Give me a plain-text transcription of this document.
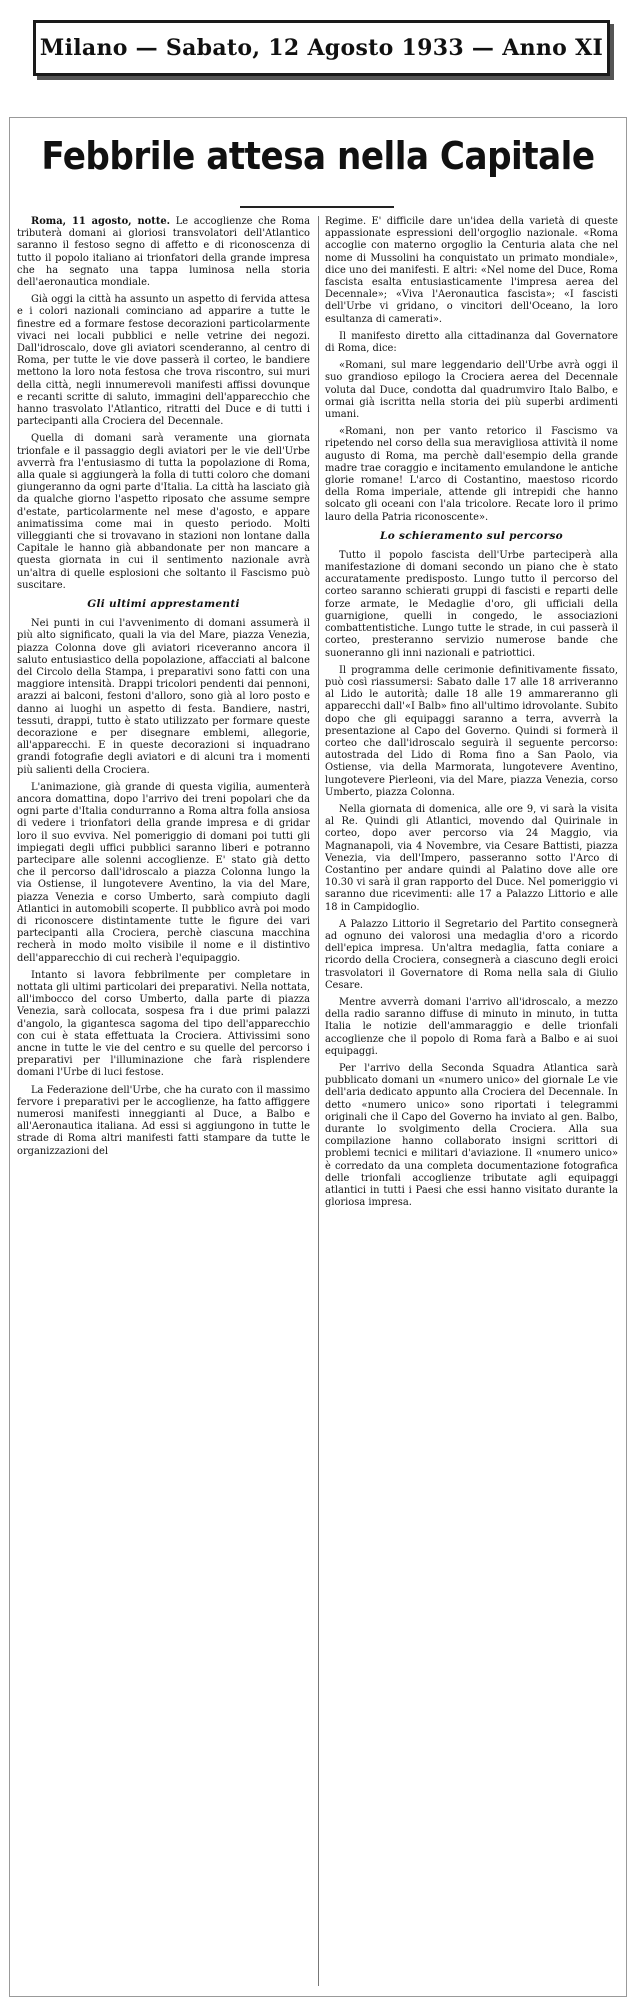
Milano — Sabato, 12 Agosto 1933 — Anno XI
Febbrile attesa nella Capitale

Roma, 11 agosto, notte. Le accoglienze che Roma tributerà domani ai gloriosi transvolatori dell'Atlantico saranno il festoso segno di affetto e di riconoscenza di tutto il popolo italiano ai trionfatori della grande impresa che ha segnato una tappa luminosa nella storia dell'aeronautica mondiale.

Già oggi la città ha assunto un aspetto di fervida attesa e i colori nazionali cominciano ad apparire a tutte le finestre ed a formare festose decorazioni particolarmente vivaci nei locali pubblici e nelle vetrine dei negozi. Dall'idroscalo, dove gli aviatori scenderanno, al centro di Roma, per tutte le vie dove passerà il corteo, le bandiere mettono la loro nota festosa che trova riscontro, sui muri della città, negli innumerevoli manifesti affissi dovunque e recanti scritte di saluto, immagini dell'apparecchio che hanno trasvolato l'Atlantico, ritratti del Duce e di tutti i partecipanti alla Crociera del Decennale.

Quella di domani sarà veramente una giornata trionfale e il passaggio degli aviatori per le vie dell'Urbe avverrà fra l'entusiasmo di tutta la popolazione di Roma, alla quale si aggiungerà la folla di tutti coloro che domani giungeranno da ogni parte d'Italia. La città ha lasciato già da qualche giorno l'aspetto riposato che assume sempre d'estate, particolarmente nel mese d'agosto, e appare animatissima come mai in questo periodo. Molti villeggianti che si trovavano in stazioni non lontane dalla Capitale le hanno già abbandonate per non mancare a questa giornata in cui il sentimento nazionale avrà un'altra di quelle esplosioni che soltanto il Fascismo può suscitare.

Gli ultimi apprestamenti

Nei punti in cui l'avvenimento di domani assumerà il più alto significato, quali la via del Mare, piazza Venezia, piazza Colonna dove gli aviatori riceveranno ancora il saluto entusiastico della popolazione, affacciati al balcone del Circolo della Stampa, i preparativi sono fatti con una maggiore intensità. Drappi tricolori pendenti dai pennoni, arazzi ai balconi, festoni d'alloro, sono già al loro posto e danno ai luoghi un aspetto di festa. Bandiere, nastri, tessuti, drappi, tutto è stato utilizzato per formare queste decorazione e per disegnare emblemi, allegorie, all'apparecchi. E in queste decorazioni si inquadrano grandi fotografie degli aviatori e di alcuni tra i momenti più salienti della Crociera.

L'animazione, già grande di questa vigilia, aumenterà ancora domattina, dopo l'arrivo dei treni popolari che da ogni parte d'Italia condurranno a Roma altra folla ansiosa di vedere i trionfatori della grande impresa e di gridar loro il suo evviva. Nel pomeriggio di domani poi tutti gli impiegati degli uffici pubblici saranno liberi e potranno partecipare alle solenni accoglienze. E' stato già detto che il percorso dall'idroscalo a piazza Colonna lungo la via Ostiense, il lungotevere Aventino, la via del Mare, piazza Venezia e corso Umberto, sarà compiuto dagli Atlantici in automobili scoperte. Il pubblico avrà poi modo di riconoscere distintamente tutte le figure dei vari partecipanti alla Crociera, perchè ciascuna macchina recherà in modo molto visibile il nome e il distintivo dell'apparecchio di cui recherà l'equipaggio.

Intanto si lavora febbrilmente per completare in nottata gli ultimi particolari dei preparativi. Nella nottata, all'imbocco del corso Umberto, dalla parte di piazza Venezia, sarà collocata, sospesa fra i due primi palazzi d'angolo, la gigantesca sagoma del tipo dell'apparecchio con cui è stata effettuata la Crociera. Attivissimi sono ancne in tutte le vie del centro e su quelle del percorso i preparativi per l'illuminazione che farà risplendere domani l'Urbe di luci festose.

La Federazione dell'Urbe, che ha curato con il massimo fervore i preparativi per le accoglienze, ha fatto affiggere numerosi manifesti inneggianti al Duce, a Balbo e all'Aeronautica italiana. Ad essi si aggiungono in tutte le strade di Roma altri manifesti fatti stampare da tutte le organizzazioni del

Regime. E' difficile dare un'idea della varietà di queste appassionate espressioni dell'orgoglio nazionale. «Roma accoglie con materno orgoglio la Centuria alata che nel nome di Mussolini ha conquistato un primato mondiale», dice uno dei manifesti. E altri: «Nel nome del Duce, Roma fascista esalta entusiasticamente l'impresa aerea del Decennale»; «Viva l'Aeronautica fascista»; «I fascisti dell'Urbe vi gridano, o vincitori dell'Oceano, la loro esultanza di camerati».

Il manifesto diretto alla cittadinanza dal Governatore di Roma, dice:

«Romani, sul mare leggendario dell'Urbe avrà oggi il suo grandioso epilogo la Crociera aerea del Decennale voluta dal Duce, condotta dal quadrumviro Italo Balbo, e ormai già iscritta nella storia dei più superbi ardimenti umani.

«Romani, non per vanto retorico il Fascismo va ripetendo nel corso della sua meravigliosa attività il nome augusto di Roma, ma perchè dall'esempio della grande madre trae coraggio e incitamento emulandone le antiche glorie romane! L'arco di Costantino, maestoso ricordo della Roma imperiale, attende gli intrepidi che hanno solcato gli oceani con l'ala tricolore. Recate loro il primo lauro della Patria riconoscente».

Lo schieramento sul percorso

Tutto il popolo fascista dell'Urbe parteciperà alla manifestazione di domani secondo un piano che è stato accuratamente predisposto. Lungo tutto il percorso del corteo saranno schierati gruppi di fascisti e reparti delle forze armate, le Medaglie d'oro, gli ufficiali della guarnigione, quelli in congedo, le associazioni combattentistiche. Lungo tutte le strade, in cui passerà il corteo, presteranno servizio numerose bande che suoneranno gli inni nazionali e patriottici.

Il programma delle cerimonie definitivamente fissato, può così riassumersi: Sabato dalle 17 alle 18 arriveranno al Lido le autorità; dalle 18 alle 19 ammareranno gli apparecchi dall'«I Balb» fino all'ultimo idrovolante. Subito dopo che gli equipaggi saranno a terra, avverrà la presentazione al Capo del Governo. Quindi si formerà il corteo che dall'idroscalo seguirà il seguente percorso: autostrada del Lido di Roma fino a San Paolo, via Ostiense, via della Marmorata, lungotevere Aventino, lungotevere Pierleoni, via del Mare, piazza Venezia, corso Umberto, piazza Colonna.

Nella giornata di domenica, alle ore 9, vi sarà la visita al Re. Quindi gli Atlantici, movendo dal Quirinale in corteo, dopo aver percorso via 24 Maggio, via Magnanapoli, via 4 Novembre, via Cesare Battisti, piazza Venezia, via dell'Impero, passeranno sotto l'Arco di Costantino per andare quindi al Palatino dove alle ore 10.30 vi sarà il gran rapporto del Duce. Nel pomeriggio vi saranno due ricevimenti: alle 17 a Palazzo Littorio e alle 18 in Campidoglio.

A Palazzo Littorio il Segretario del Partito consegnerà ad ognuno dei valorosi una medaglia d'oro a ricordo dell'epica impresa. Un'altra medaglia, fatta coniare a ricordo della Crociera, consegnerà a ciascuno degli eroici trasvolatori il Governatore di Roma nella sala di Giulio Cesare.

Mentre avverrà domani l'arrivo all'idroscalo, a mezzo della radio saranno diffuse di minuto in minuto, in tutta Italia le notizie dell'ammaraggio e delle trionfali accoglienze che il popolo di Roma farà a Balbo e ai suoi equipaggi.

Per l'arrivo della Seconda Squadra Atlantica sarà pubblicato domani un «numero unico» del giornale Le vie dell'aria dedicato appunto alla Crociera del Decennale. In detto «numero unico» sono riportati i telegrammi originali che il Capo del Governo ha inviato al gen. Balbo, durante lo svolgimento della Crociera. Alla sua compilazione hanno collaborato insigni scrittori di problemi tecnici e militari d'aviazione. Il «numero unico» è corredato da una completa documentazione fotografica delle trionfali accoglienze tributate agli equipaggi atlantici in tutti i Paesi che essi hanno visitato durante la gloriosa impresa.
